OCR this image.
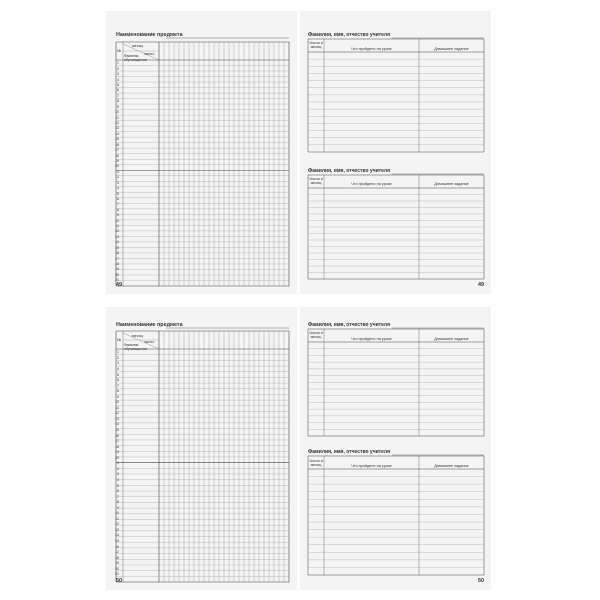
Наименование предмета
месяц
число
Фамилия обучающегося
№
49
1
2
3
4
5
6
7
8
9
10
11
12
13
14
15
16
17
18
19
20
1
2
3
4
5
6
7
8
9
10
11
12
13
14
15
16
17
18
19
20
21
Фамилия, имя, отчество учителя
Число и месяц	Что пройдено на уроке	Домашнее задание
Фамилия, имя, отчество учителя
Число и месяц	Что пройдено на уроке	Домашнее задание
49
Наименование предмета
месяц
число
Фамилия обучающегося
№
50
1
2
3
4
5
6
7
8
9
10
11
12
13
14
15
16
17
18
19
20
1
2
3
4
5
6
7
8
9
10
11
12
13
14
15
16
17
18
19
20
21
Фамилия, имя, отчество учителя
Число и месяц	Что пройдено на уроке	Домашнее задание
Фамилия, имя, отчество учителя
Число и месяц	Что пройдено на уроке	Домашнее задание
50
